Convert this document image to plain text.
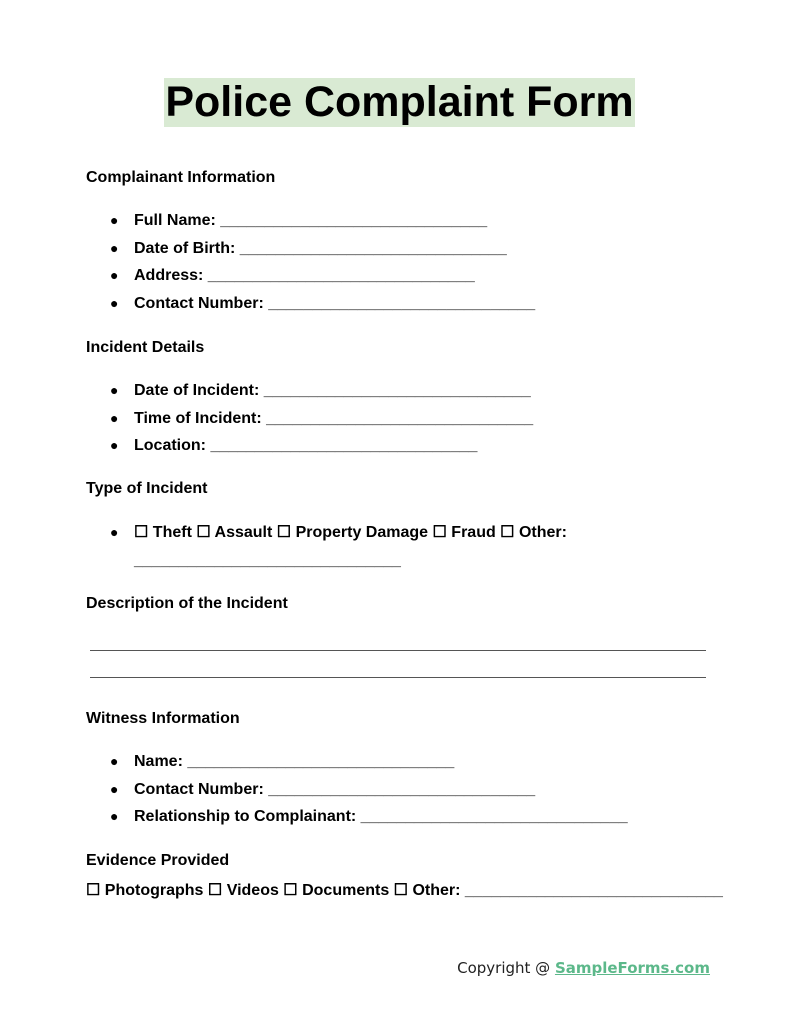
Police Complaint Form
Complainant Information
● Full Name: ______________________________
● Date of Birth: ______________________________
● Address: ______________________________
● Contact Number: ______________________________
Incident Details
● Date of Incident: ______________________________
● Time of Incident: ______________________________
● Location: ______________________________
Type of Incident
● ☐ Theft ☐ Assault ☐ Property Damage ☐ Fraud ☐ Other:
______________________________
Description of the Incident
Witness Information
● Name: ______________________________
● Contact Number: ______________________________
● Relationship to Complainant: ______________________________
Evidence Provided
☐ Photographs ☐ Videos ☐ Documents ☐ Other: _____________________________
Copyright @ SampleForms.com
